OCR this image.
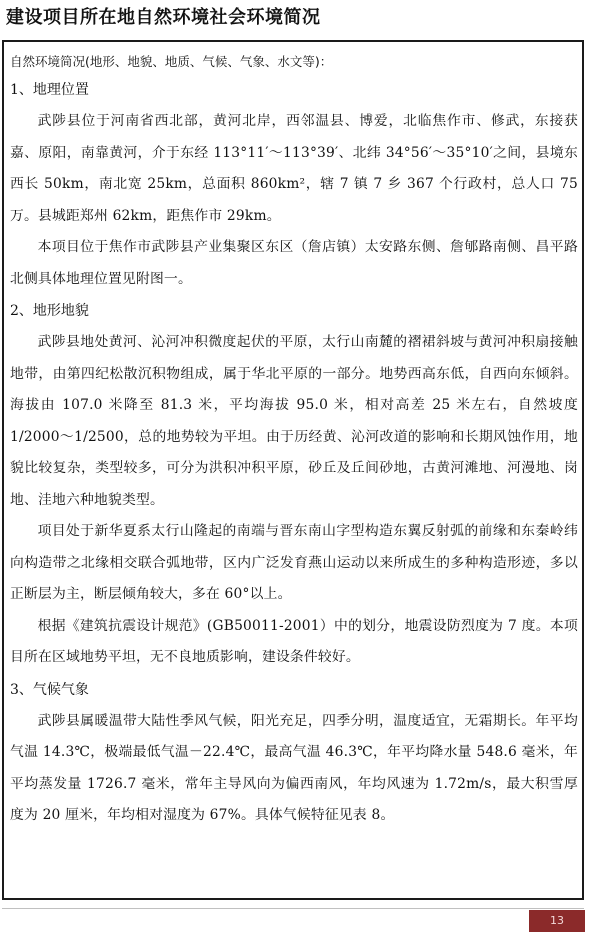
建设项目所在地自然环境社会环境简况

自然环境简况(地形、地貌、地质、气候、气象、水文等)：

1、地理位置

武陟县位于河南省西北部，黄河北岸，西邻温县、博爱，北临焦作市、修武，东接获嘉、原阳，南靠黄河，介于东经 113°11′～113°39′、北纬 34°56′～35°10′之间，县境东西长 50km，南北宽 25km，总面积 860km²，辖 7 镇 7 乡 367 个行政村，总人口 75 万。县城距郑州 62km，距焦作市 29km。

本项目位于焦作市武陟县产业集聚区东区（詹店镇）太安路东侧、詹郇路南侧、昌平路北侧具体地理位置见附图一。

2、地形地貌

武陟县地处黄河、沁河冲积微度起伏的平原，太行山南麓的褶裙斜坡与黄河冲积扇接触地带，由第四纪松散沉积物组成，属于华北平原的一部分。地势西高东低，自西向东倾斜。海拔由 107.0 米降至 81.3 米，平均海拔 95.0 米，相对高差 25 米左右，自然坡度 1/2000～1/2500，总的地势较为平坦。由于历经黄、沁河改道的影响和长期风蚀作用，地貌比较复杂，类型较多，可分为洪积冲积平原，砂丘及丘间砂地，古黄河滩地、河漫地、岗地、洼地六种地貌类型。

项目处于新华夏系太行山隆起的南端与晋东南山字型构造东翼反射弧的前缘和东秦岭纬向构造带之北缘相交联合弧地带，区内广泛发育燕山运动以来所成生的多种构造形迹，多以正断层为主，断层倾角较大，多在 60°以上。

根据《建筑抗震设计规范》(GB50011-2001）中的划分，地震设防烈度为 7 度。本项目所在区域地势平坦，无不良地质影响，建设条件较好。

3、气候气象

武陟县属暖温带大陆性季风气候，阳光充足，四季分明，温度适宜，无霜期长。年平均气温 14.3℃，极端最低气温－22.4℃，最高气温 46.3℃，年平均降水量 548.6 毫米，年平均蒸发量 1726.7 毫米，常年主导风向为偏西南风，年均风速为 1.72m/s，最大积雪厚度为 20 厘米，年均相对湿度为 67%。具体气候特征见表 8。

13
